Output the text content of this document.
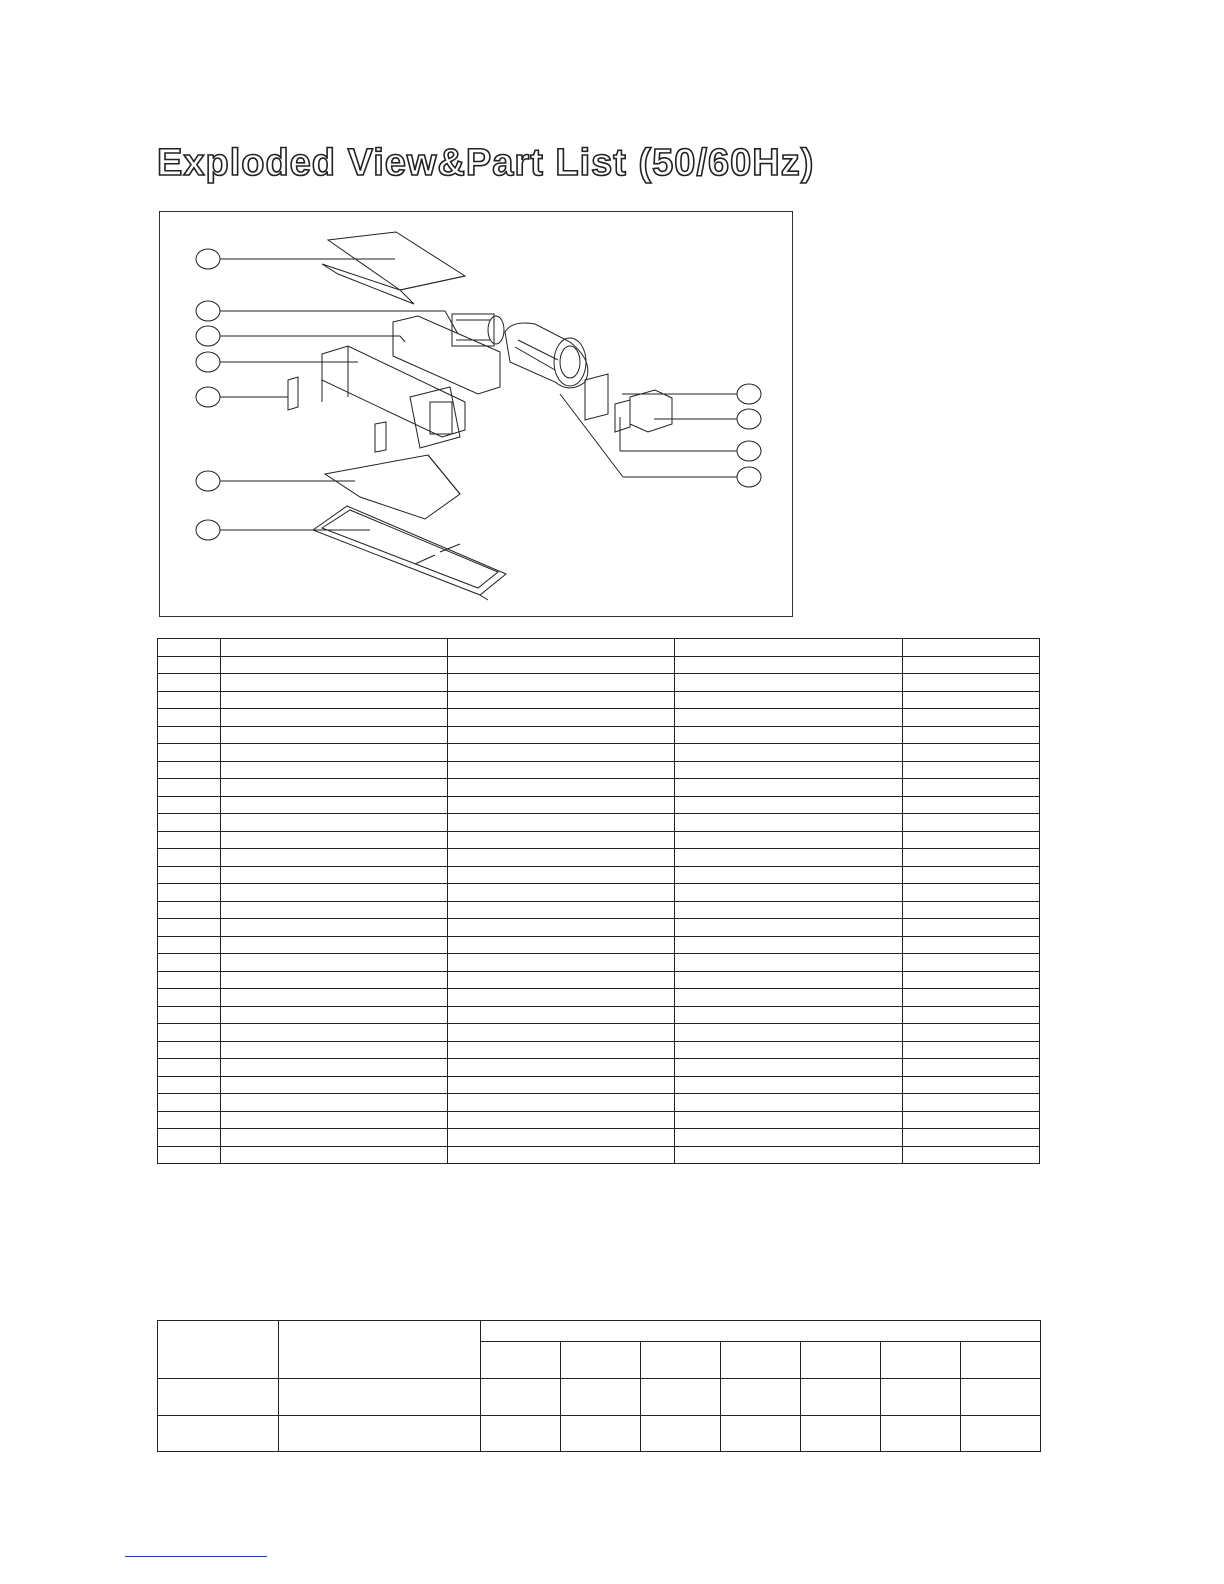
Exploded View&Part List (50/60Hz)
